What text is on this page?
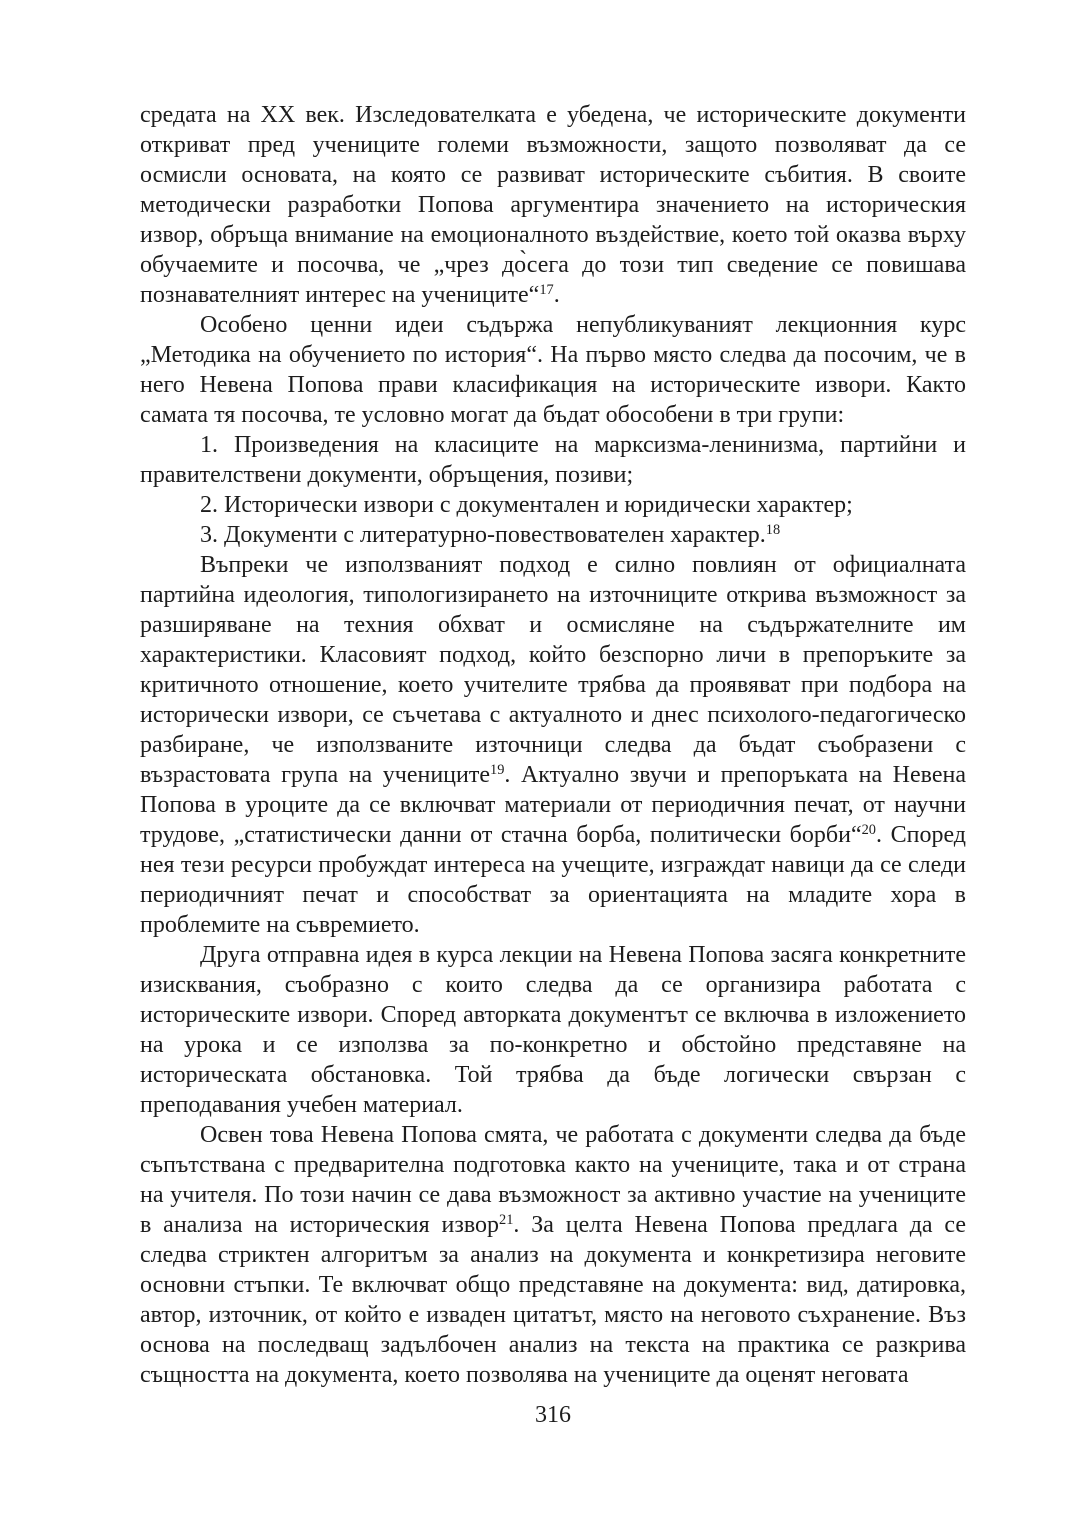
средата на ХХ век. Изследователката е убедена, че историческите документи откриват пред учениците големи възможности, защото позволяват да се осмисли основата, на която се развиват историческите събития. В своите методически разработки Попова аргументира значението на историческия извор, обръща внимание на емоционалното въздействие, което той оказва върху обучаемите и посочва, че „чрез до̀сега до този тип сведение се повишава познавателният интерес на учениците“$^{17}$.

Особено ценни идеи съдържа непубликуваният лекционния курс „Методика на обучението по история“. На първо място следва да посочим, че в него Невена Попова прави класификация на историческите извори. Както самата тя посочва, те условно могат да бъдат обособени в три групи:

1. Произведения на класиците на марксизма-ленинизма, партийни и правителствени документи, обръщения, позиви;

2. Исторически извори с документален и юридически характер;

3. Документи с литературно-повествователен характер.$^{18}$

Въпреки че използваният подход е силно повлиян от официалната партийна идеология, типологизирането на източниците открива възможност за разширяване на техния обхват и осмисляне на съдържателните им характеристики. Класовият подход, който безспорно личи в препоръките за критичното отношение, което учителите трябва да проявяват при подбора на исторически извори, се съчетава с актуалното и днес психолого-педагогическо разбиране, че използваните източници следва да бъдат съобразени с възрастовата група на учениците$^{19}$. Актуално звучи и препоръката на Невена Попова в уроците да се включват материали от периодичния печат, от научни трудове, „статистически данни от стачна борба, политически борби“$^{20}$. Според нея тези ресурси пробуждат интереса на учещите, изграждат навици да се следи периодичният печат и способстват за ориентацията на младите хора в проблемите на съвремието.

Друга отправна идея в курса лекции на Невена Попова засяга конкретните изисквания, съобразно с които следва да се организира работата с историческите извори. Според авторката документът се включва в изложението на урока и се използва за по-конкретно и обстойно представяне на историческата обстановка. Той трябва да бъде логически свързан с преподавания учебен материал.

Освен това Невена Попова смята, че работата с документи следва да бъде съпътствана с предварителна подготовка както на учениците, така и от страна на учителя. По този начин се дава възможност за активно участие на учениците в анализа на историческия извор$^{21}$. За целта Невена Попова предлага да се следва стриктен алгоритъм за анализ на документа и конкретизира неговите основни стъпки. Те включват общо представяне на документа: вид, датировка, автор, източник, от който е изваден цитатът, място на неговото съхранение. Въз основа на последващ задълбочен анализ на текста на практика се разкрива същността на документа, което позволява на учениците да оценят неговата

316
